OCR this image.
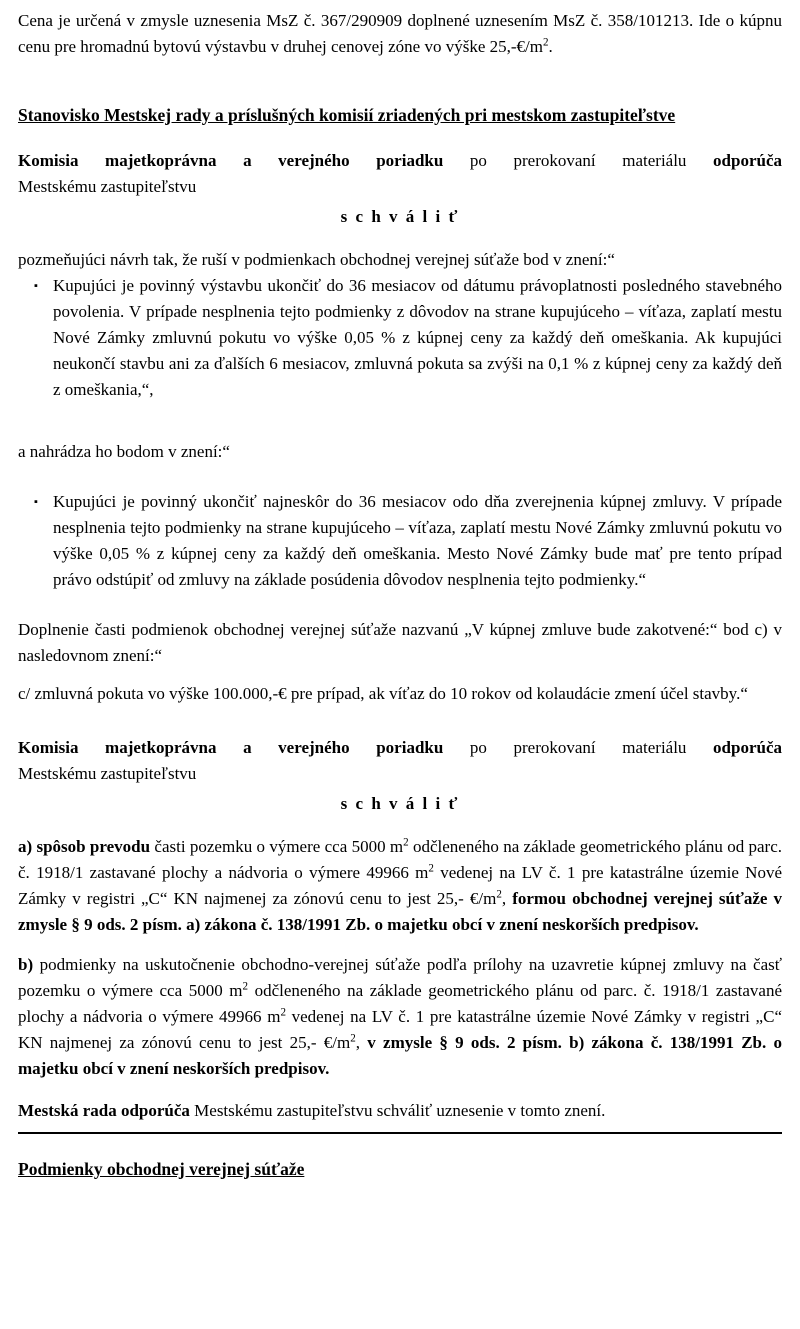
Cena je určená v zmysle uznesenia MsZ č. 367/290909 doplnené uznesením MsZ č. 358/101213. Ide o kúpnu cenu pre hromadnú bytovú výstavbu v druhej cenovej zóne vo výške $25,-€/m^2$.

Stanovisko Mestskej rady a príslušných komisií zriadených pri mestskom zastupiteľstve

Komisia majetkoprávna a verejného poriadku po prerokovaní materiálu odporúča
Mestskému zastupiteľstvu

s c h v á l i ť

pozmeňujúci návrh tak, že ruší v podmienkach obchodnej verejnej súťaže bod v znení:“

▪ Kupujúci je povinný výstavbu ukončiť do 36 mesiacov od dátumu právoplatnosti posledného stavebného povolenia. V prípade nesplnenia tejto podmienky z dôvodov na strane kupujúceho – víťaza, zaplatí mestu Nové Zámky zmluvnú pokutu vo výške 0,05 % z kúpnej ceny za každý deň omeškania. Ak kupujúci neukončí stavbu ani za ďalších 6 mesiacov, zmluvná pokuta sa zvýši na 0,1 % z kúpnej ceny za každý deň z omeškania,“,

a nahrádza ho bodom v znení:“

▪ Kupujúci je povinný ukončiť najneskôr do 36 mesiacov odo dňa zverejnenia kúpnej zmluvy. V prípade nesplnenia tejto podmienky na strane kupujúceho – víťaza, zaplatí mestu Nové Zámky zmluvnú pokutu vo výške 0,05 % z kúpnej ceny za každý deň omeškania. Mesto Nové Zámky bude mať pre tento prípad právo odstúpiť od zmluvy na základe posúdenia dôvodov nesplnenia tejto podmienky.“

Doplnenie časti podmienok obchodnej verejnej súťaže nazvanú „V kúpnej zmluve bude zakotvené:“ bod c) v nasledovnom znení:“

c/ zmluvná pokuta vo výške 100.000,-€ pre prípad, ak víťaz do 10 rokov od kolaudácie zmení účel stavby.“

Komisia majetkoprávna a verejného poriadku po prerokovaní materiálu odporúča
Mestskému zastupiteľstvu

s c h v á l i ť

a) spôsob prevodu časti pozemku o výmere cca 5000 $m^2$ odčleneného na základe geometrického plánu od parc. č. 1918/1 zastavané plochy a nádvoria o výmere 49966 $m^2$ vedenej na LV č. 1 pre katastrálne územie Nové Zámky v registri „C“ KN najmenej za zónovú cenu to jest 25,- $€/m^2$, formou obchodnej verejnej súťaže v zmysle § 9 ods. 2 písm. a) zákona č. 138/1991 Zb. o majetku obcí v znení neskorších predpisov.

b) podmienky na uskutočnenie obchodno-verejnej súťaže podľa prílohy na uzavretie kúpnej zmluvy na časť pozemku o výmere cca 5000 $m^2$ odčleneného na základe geometrického plánu od parc. č. 1918/1 zastavané plochy a nádvoria o výmere 49966 $m^2$ vedenej na LV č. 1 pre katastrálne územie Nové Zámky v registri „C“ KN najmenej za zónovú cenu to jest 25,- $€/m^2$, v zmysle § 9 ods. 2 písm. b) zákona č. 138/1991 Zb. o majetku obcí v znení neskorších predpisov.

Mestská rada odporúča Mestskému zastupiteľstvu schváliť uznesenie v tomto znení.

Podmienky obchodnej verejnej súťaže
